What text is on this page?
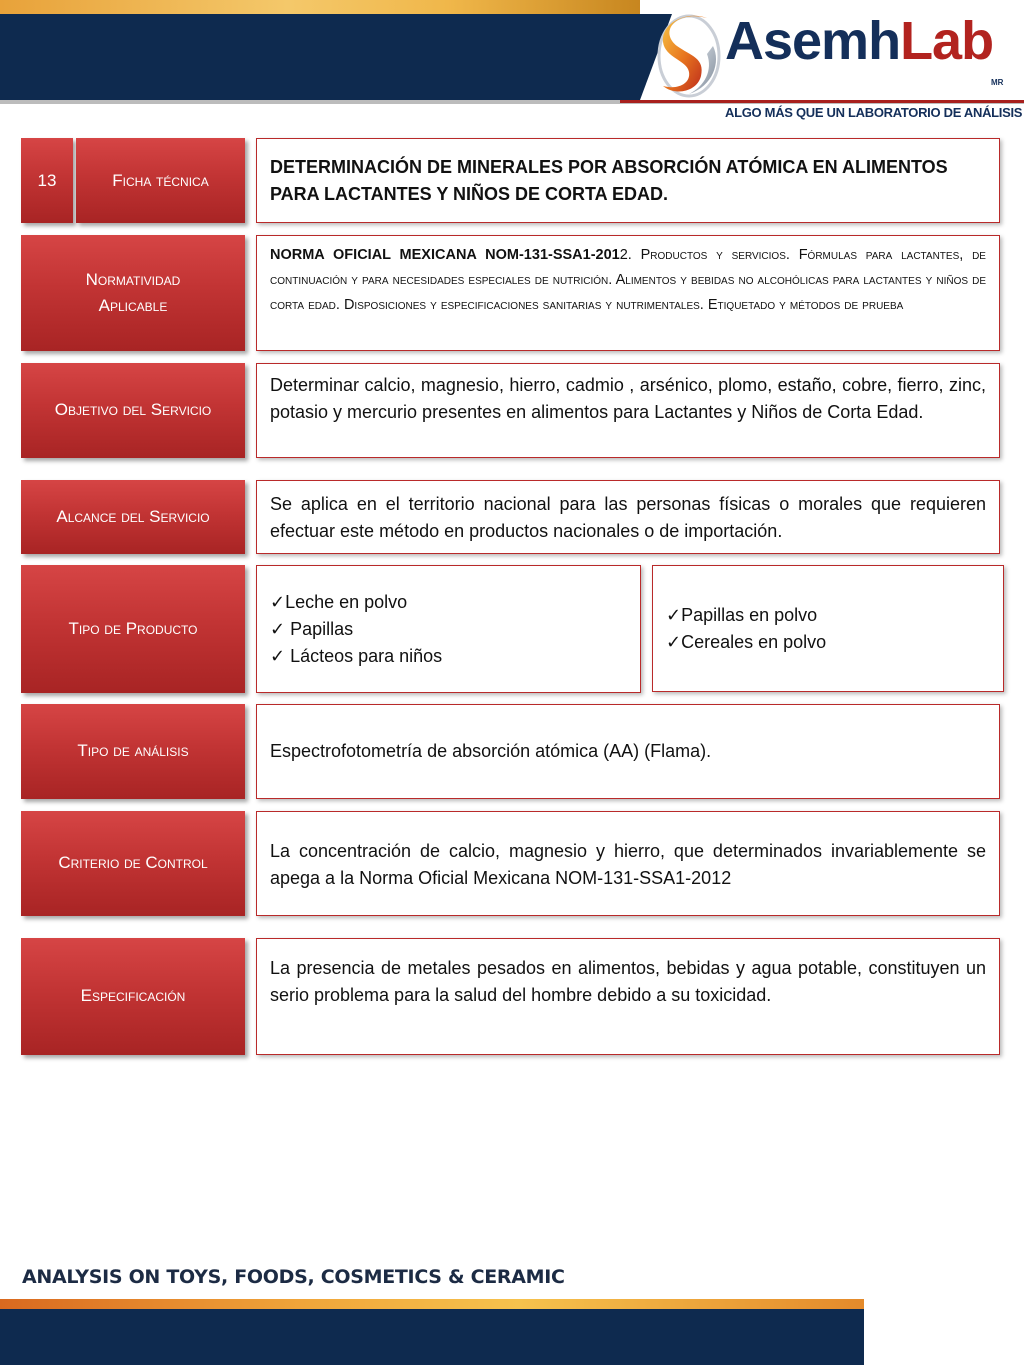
AsemhLab
MR
ALGO MÁS QUE UN LABORATORIO DE ANÁLISIS
13	Ficha técnica
DETERMINACIÓN DE MINERALES POR ABSORCIÓN ATÓMICA EN ALIMENTOS PARA LACTANTES Y NIÑOS DE CORTA EDAD.
Normatividad Aplicable
NORMA OFICIAL MEXICANA NOM-131-SSA1-2012. Productos y servicios. Fórmulas para lactantes, de continuación y para necesidades especiales de nutrición. Alimentos y bebidas no alcohólicas para lactantes y niños de corta edad. Disposiciones y especificaciones sanitarias y nutrimentales. Etiquetado y métodos de prueba
Objetivo del Servicio
Determinar calcio, magnesio, hierro, cadmio , arsénico, plomo, estaño, cobre, fierro, zinc, potasio y mercurio presentes en alimentos para Lactantes y Niños de Corta Edad.
Alcance del Servicio
Se aplica en el territorio nacional para las personas físicas o morales que requieren efectuar este método en productos nacionales o de importación.
Tipo de Producto
✓Leche en polvo
✓ Papillas
✓ Lácteos para niños
✓Papillas en polvo
✓Cereales en polvo
Tipo de análisis	Espectrofotometría de absorción atómica (AA) (Flama).
Criterio de Control
La concentración de calcio, magnesio y hierro, que determinados invariablemente se apega a la Norma Oficial Mexicana NOM-131-SSA1-2012
Especificación
La presencia de metales pesados en alimentos, bebidas y agua potable, constituyen un serio problema para la salud del hombre debido a su toxicidad.
ANALYSIS ON TOYS, FOODS, COSMETICS & CERAMIC
